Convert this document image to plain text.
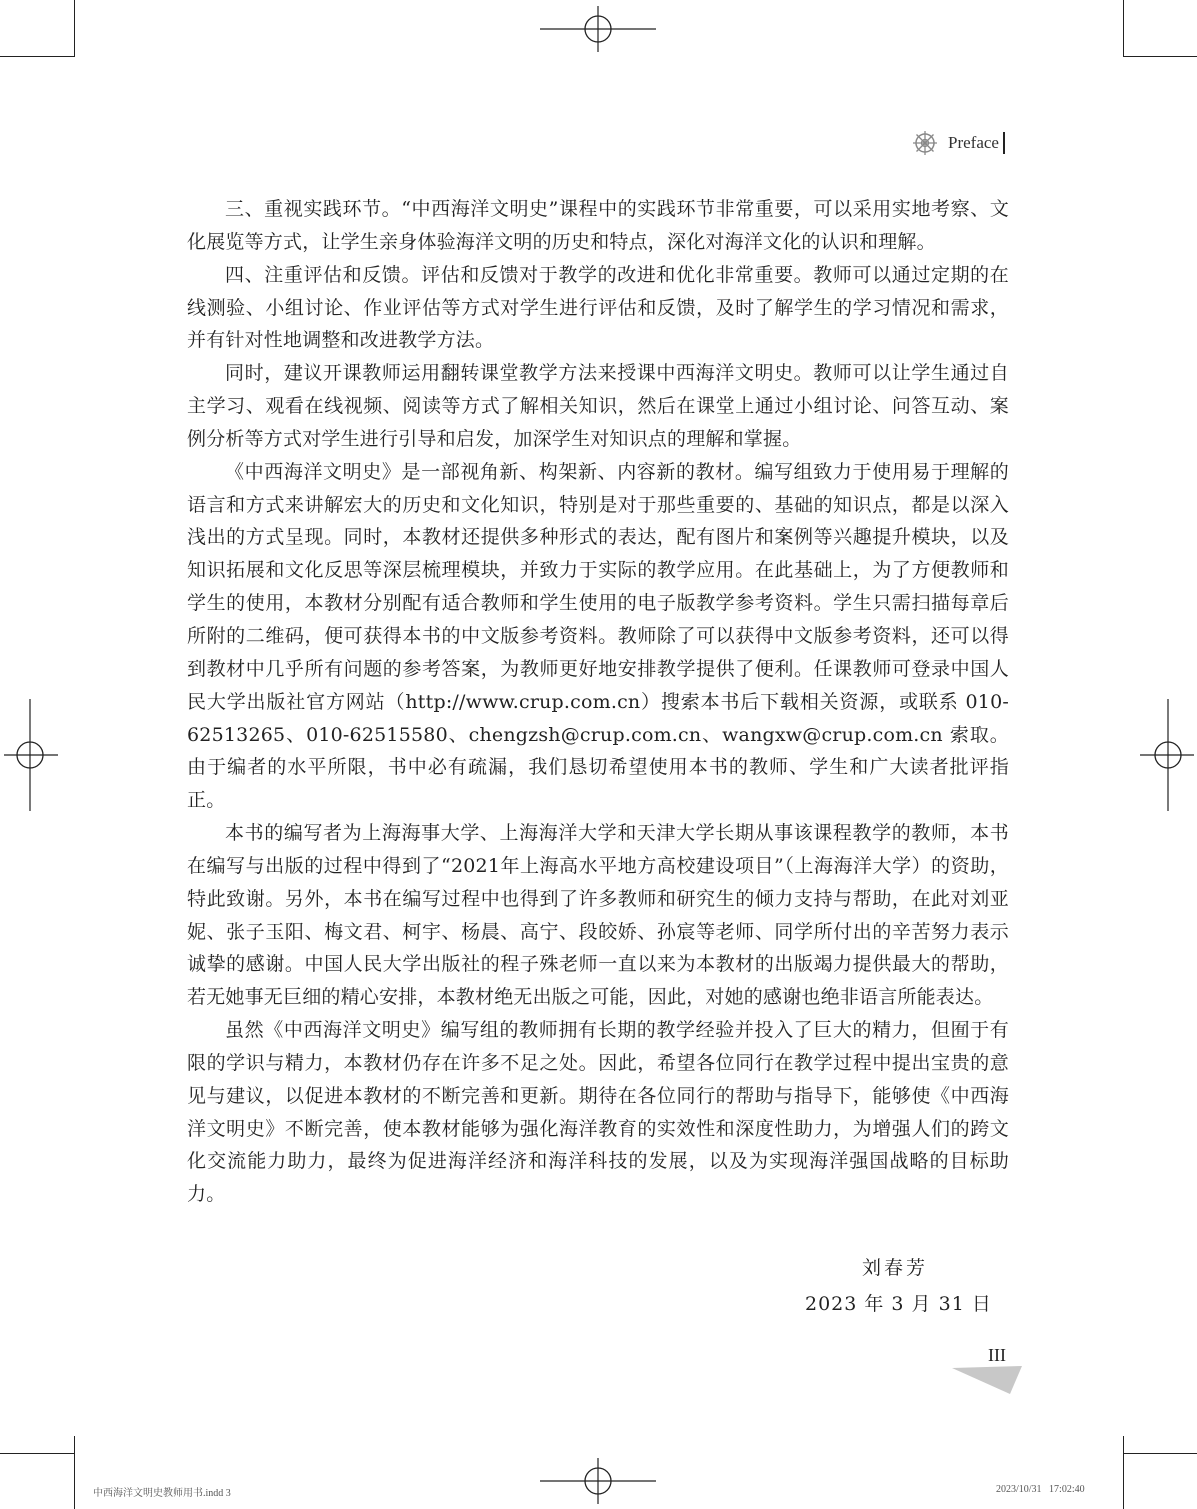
Preface

三、重视实践环节。“中西海洋文明史”课程中的实践环节非常重要，可以采用实地考察、文化展览等方式，让学生亲身体验海洋文明的历史和特点，深化对海洋文化的认识和理解。

四、注重评估和反馈。评估和反馈对于教学的改进和优化非常重要。教师可以通过定期的在线测验、小组讨论、作业评估等方式对学生进行评估和反馈，及时了解学生的学习情况和需求，并有针对性地调整和改进教学方法。

同时，建议开课教师运用翻转课堂教学方法来授课中西海洋文明史。教师可以让学生通过自主学习、观看在线视频、阅读等方式了解相关知识，然后在课堂上通过小组讨论、问答互动、案例分析等方式对学生进行引导和启发，加深学生对知识点的理解和掌握。

《中西海洋文明史》是一部视角新、构架新、内容新的教材。编写组致力于使用易于理解的语言和方式来讲解宏大的历史和文化知识，特别是对于那些重要的、基础的知识点，都是以深入浅出的方式呈现。同时，本教材还提供多种形式的表达，配有图片和案例等兴趣提升模块，以及知识拓展和文化反思等深层梳理模块，并致力于实际的教学应用。在此基础上，为了方便教师和学生的使用，本教材分别配有适合教师和学生使用的电子版教学参考资料。学生只需扫描每章后所附的二维码，便可获得本书的中文版参考资料。教师除了可以获得中文版参考资料，还可以得到教材中几乎所有问题的参考答案，为教师更好地安排教学提供了便利。任课教师可登录中国人民大学出版社官方网站（http://www.crup.com.cn）搜索本书后下载相关资源，或联系 010-62513265、010-62515580、chengzsh@crup.com.cn、wangxw@crup.com.cn 索取。由于编者的水平所限，书中必有疏漏，我们恳切希望使用本书的教师、学生和广大读者批评指正。

本书的编写者为上海海事大学、上海海洋大学和天津大学长期从事该课程教学的教师，本书在编写与出版的过程中得到了“2021年上海高水平地方高校建设项目”（上海海洋大学）的资助，特此致谢。另外，本书在编写过程中也得到了许多教师和研究生的倾力支持与帮助，在此对刘亚妮、张子玉阳、梅文君、柯宇、杨晨、高宁、段皎娇、孙宸等老师、同学所付出的辛苦努力表示诚挚的感谢。中国人民大学出版社的程子殊老师一直以来为本教材的出版竭力提供最大的帮助，若无她事无巨细的精心安排，本教材绝无出版之可能，因此，对她的感谢也绝非语言所能表达。

虽然《中西海洋文明史》编写组的教师拥有长期的教学经验并投入了巨大的精力，但囿于有限的学识与精力，本教材仍存在许多不足之处。因此，希望各位同行在教学过程中提出宝贵的意见与建议，以促进本教材的不断完善和更新。期待在各位同行的帮助与指导下，能够使《中西海洋文明史》不断完善，使本教材能够为强化海洋教育的实效性和深度性助力，为增强人们的跨文化交流能力助力，最终为促进海洋经济和海洋科技的发展，以及为实现海洋强国战略的目标助力。

刘春芳
2023 年 3 月 31 日
III
中西海洋文明史教师用书.indd 3	2023/10/31   17:02:40
